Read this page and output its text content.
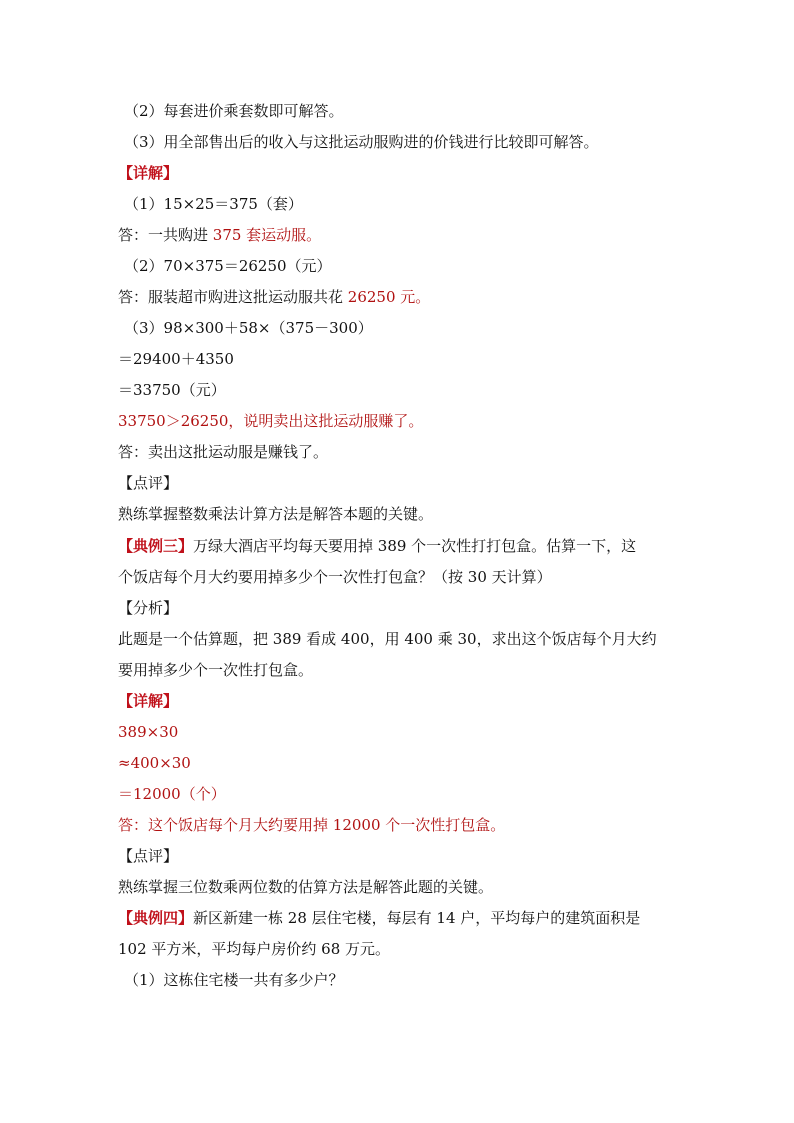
（2）每套进价乘套数即可解答。
（3）用全部售出后的收入与这批运动服购进的价钱进行比较即可解答。
【详解】
（1）15×25＝375（套）
答：一共购进 375 套运动服。
（2）70×375＝26250（元）
答：服装超市购进这批运动服共花 26250 元。
（3）98×300＋58×（375－300）
＝29400＋4350
＝33750（元）
33750＞26250，说明卖出这批运动服赚了。
答：卖出这批运动服是赚钱了。
【点评】
熟练掌握整数乘法计算方法是解答本题的关键。
【典例三】万绿大酒店平均每天要用掉 389 个一次性打打包盒。估算一下，这
个饭店每个月大约要用掉多少个一次性打包盒？（按 30 天计算）
【分析】
此题是一个估算题，把 389 看成 400，用 400 乘 30，求出这个饭店每个月大约
要用掉多少个一次性打包盒。
【详解】
389×30
≈400×30
＝12000（个）
答：这个饭店每个月大约要用掉 12000 个一次性打包盒。
【点评】
熟练掌握三位数乘两位数的估算方法是解答此题的关键。
【典例四】新区新建一栋 28 层住宅楼，每层有 14 户，平均每户的建筑面积是
102 平方米，平均每户房价约 68 万元。
（1）这栋住宅楼一共有多少户？
